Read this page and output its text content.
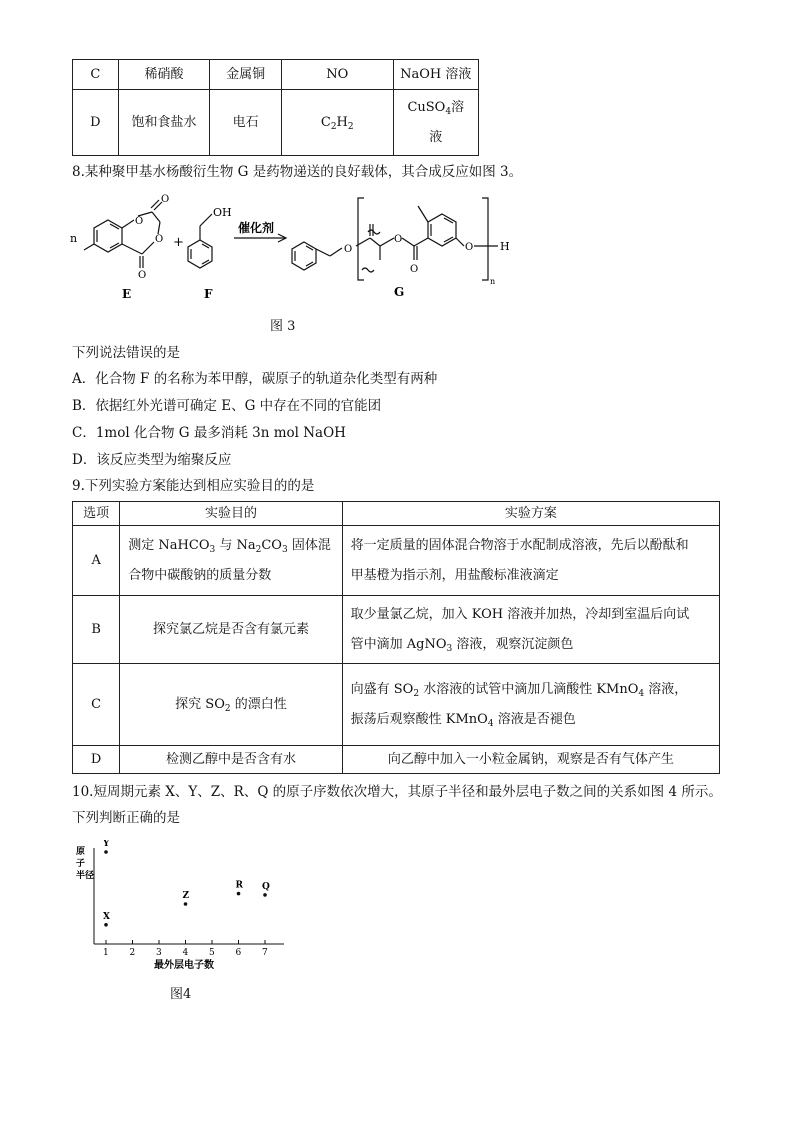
C	稀硝酸	金属铜	NO	NaOH 溶液
D	饱和食盐水	电石	$C_2H_2$	CuSO$_4$溶
液
8.某种聚甲基水杨酸衍生物 G 是药物递送的良好载体，其合成反应如图 3。
n
O
O
O
O
+
OH
催化剂
O
O
O
O H
n
E	F	G
图 3
下列说法错误的是
A．化合物 F 的名称为苯甲醇，碳原子的轨道杂化类型有两种
B．依据红外光谱可确定 E、G 中存在不同的官能团
C．1mol 化合物 G 最多消耗 3n mol NaOH
D．该反应类型为缩聚反应
9.下列实验方案能达到相应实验目的的是
选项	实验目的	实验方案
A	测定 NaHCO$_3$ 与 $Na_2CO_3$ 固体混
合物中碳酸钠的质量分数	将一定质量的固体混合物溶于水配制成溶液，先后以酚酞和
甲基橙为指示剂，用盐酸标准液滴定

B	探究氯乙烷是否含有氯元素	取少量氯乙烷，加入 KOH 溶液并加热，冷却到室温后向试
管中滴加 AgNO$_3$ 溶液，观察沉淀颜色

C	探究 $SO_2$ 的漂白性	向盛有 $SO_2$ 水溶液的试管中滴加几滴酸性 KMnO$_4$ 溶液，
振荡后观察酸性 KMnO$_4$ 溶液是否褪色

D	检测乙醇中是否含有水	向乙醇中加入一小粒金属钠，观察是否有气体产生
10.短周期元素 X、Y、Z、R、Q 的原子序数依次增大，其原子半径和最外层电子数之间的关系如图 4 所示。
下列判断正确的是
原
子
半径
最外层电子数
1 2 3 4 5 6 7
X
Y
Z
R Q
图4
